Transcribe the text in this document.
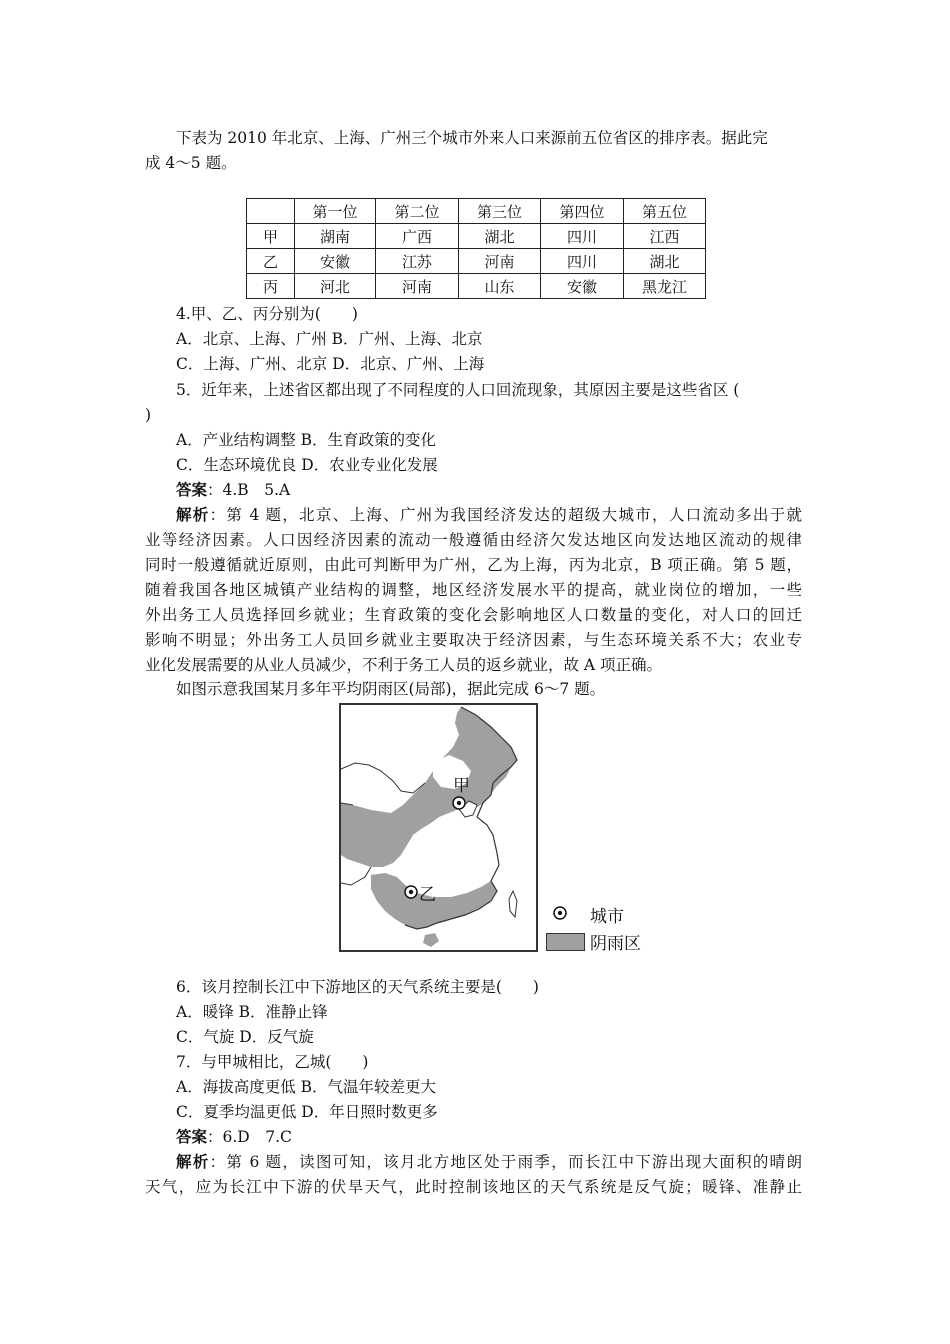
下表为 2010 年北京、上海、广州三个城市外来人口来源前五位省区的排序表。据此完
成 4～5 题。
	第一位	第二位	第三位	第四位	第五位
甲	湖南	广西	湖北	四川	江西
乙	安徽	江苏	河南	四川	湖北
丙	河北	河南	山东	安徽	黑龙江
4.甲、乙、丙分别为(　　)
A．北京、上海、广州 B．广州、上海、北京
C．上海、广州、北京 D．北京、广州、上海
5．近年来，上述省区都出现了不同程度的人口回流现象，其原因主要是这些省区 (
)
A．产业结构调整 B．生育政策的变化
C．生态环境优良 D．农业专业化发展
答案：4.B　5.A
解析：第 4 题，北京、上海、广州为我国经济发达的超级大城市，人口流动多出于就
业等经济因素。人口因经济因素的流动一般遵循由经济欠发达地区向发达地区流动的规律
同时一般遵循就近原则，由此可判断甲为广州，乙为上海，丙为北京，B 项正确。第 5 题，
随着我国各地区城镇产业结构的调整，地区经济发展水平的提高，就业岗位的增加，一些
外出务工人员选择回乡就业；生育政策的变化会影响地区人口数量的变化，对人口的回迁
影响不明显；外出务工人员回乡就业主要取决于经济因素，与生态环境关系不大；农业专
业化发展需要的从业人员减少，不利于务工人员的返乡就业，故 A 项正确。
如图示意我国某月多年平均阴雨区(局部)，据此完成 6～7 题。
甲
乙
城市
阴雨区
6．该月控制长江中下游地区的天气系统主要是(　　)
A．暖锋 B．准静止锋
C．气旋 D．反气旋
7．与甲城相比，乙城(　　)
A．海拔高度更低 B．气温年较差更大
C．夏季均温更低 D．年日照时数更多
答案：6.D　7.C
解析：第 6 题，读图可知，该月北方地区处于雨季，而长江中下游出现大面积的晴朗
天气，应为长江中下游的伏旱天气，此时控制该地区的天气系统是反气旋；暖锋、准静止
